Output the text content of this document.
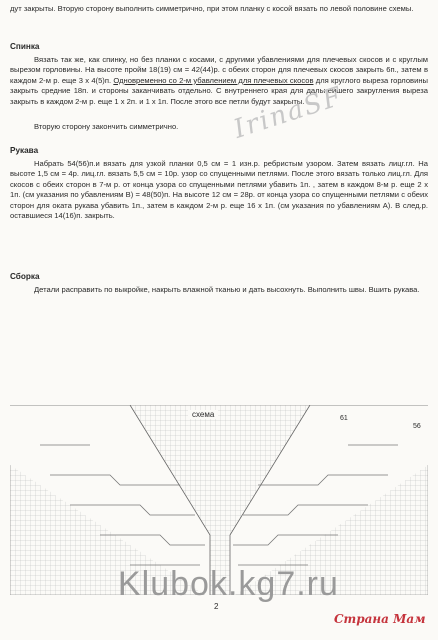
дут закрыты. Вторую сторону выполнить симметрично, при этом планку с косой вязать по левой половине схемы.
Спинка
Вязать так же, как спинку, но без планки с косами, с другими убавлениями для плечевых скосов и с круглым вырезом горловины. На высоте пройм 18(19) см = 42(44)р. с обеих сторон для плечевых скосов закрыть 6п., затем в каждом 2-м р. еще 3 х 4(5)п. Одновременно со 2-м убавлением для плечевых скосов для круглого выреза горловины закрыть средние 18п. и стороны заканчивать отдельно. С внутреннего края для дальнейшего закругления выреза закрыть в каждом 2-м р. еще 1 х 2п. и 1 х 1п. После этого все петли будут закрыты.
Вторую сторону закончить симметрично.
Рукава
Набрать 54(56)п.и вязать для узкой планки 0,5 см = 1 изн.р. ребристым узором. Затем вязать лицг.гл. На высоте 1,5 см = 4р. лиц.гл. вязать 5,5 см = 10р. узор со спущенными петлями. После этого вязать только лиц.гл. Для скосов с обеих сторон в 7-м р. от конца узора со спущенными петлями убавить 1п. , затем в каждом 8-м р. еще 2 х 1п. (см указания по убавлениям В) = 48(50)п. На высоте 12 см = 28р. от конца узора со спущенными петлями с обеих сторон для оката рукава убавить 1п., затем в каждом 2-м р. еще 16 х 1п. (см указания по убавлениям А). В след.р. оставшиеся 14(16)п. закрыть.
Сборка
Детали расправить по выкройке, накрыть влажной тканью и дать высохнуть. Выполнить швы. Вшить рукава.
IrinaSF
схема	61
56
Klubok.kg7.ru
2
Страна Мам
